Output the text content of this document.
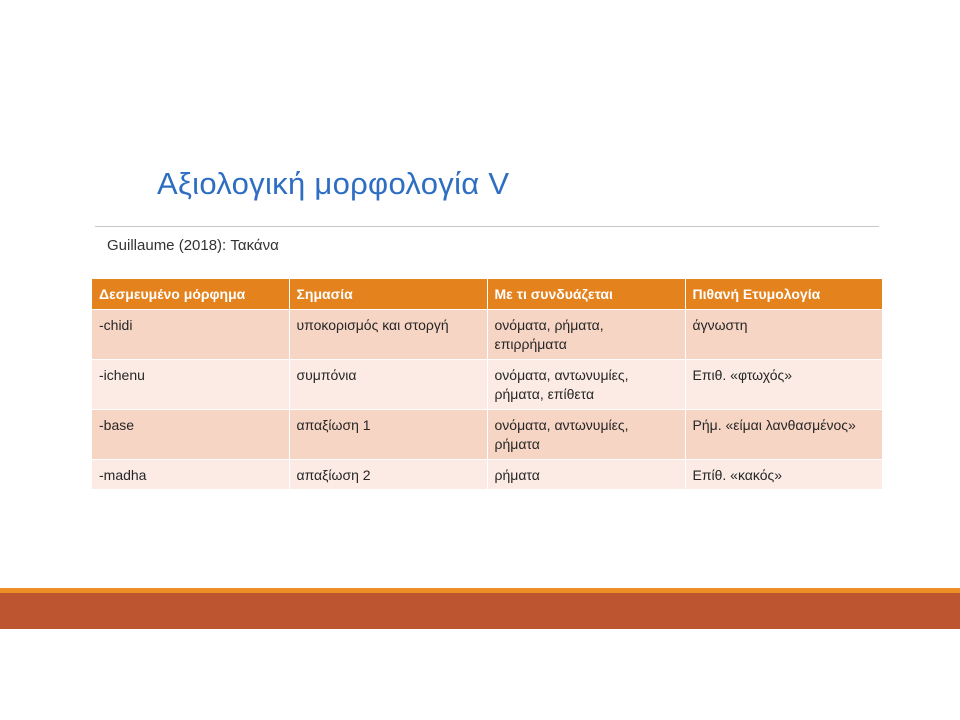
Αξιολογική μορφολογία V
Guillaume (2018): Τακάνα
Δεσμευμένο μόρφημα	Σημασία	Με τι συνδυάζεται	Πιθανή Ετυμολογία
-chidi	υποκορισμός και στοργή	ονόματα, ρήματα, επιρρήματα	άγνωστη
-ichenu	συμπόνια	ονόματα, αντωνυμίες, ρήματα, επίθετα	Επιθ. «φτωχός»
-base	απαξίωση 1	ονόματα, αντωνυμίες, ρήματα	Ρήμ. «είμαι λανθασμένος»
-madha	απαξίωση 2	ρήματα	Επίθ. «κακός»
